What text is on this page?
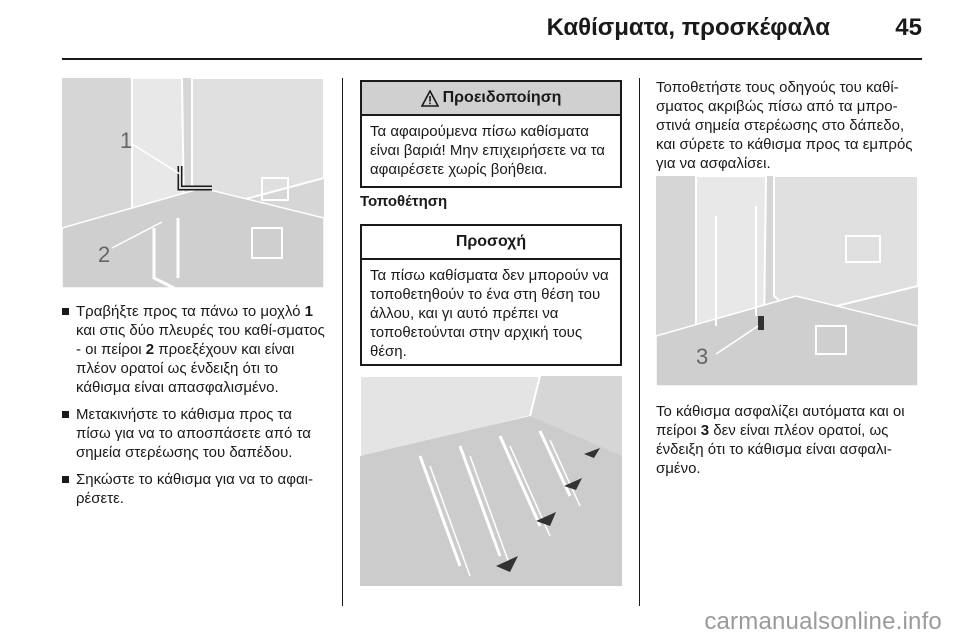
Καθίσματα, προσκέφαλα	45
1
2
Τραβήξτε προς τα πάνω το μοχλό 1 και στις δύο πλευρές του καθί-σματος - οι πείροι 2 προεξέχουν και είναι πλέον ορατοί ως ένδειξη ότι το κάθισμα είναι απασφαλισμένο.
Μετακινήστε το κάθισμα προς τα πίσω για να το αποσπάσετε από τα σημεία στερέωσης του δαπέδου.
Σηκώστε το κάθισμα για να το αφαι-ρέσετε.
Προειδοποίηση
Τα αφαιρούμενα πίσω καθίσματα είναι βαριά! Μην επιχειρήσετε να τα αφαιρέσετε χωρίς βοήθεια.
Τοποθέτηση
Προσοχή
Τα πίσω καθίσματα δεν μπορούν να τοποθετηθούν το ένα στη θέση του άλλου, και γι αυτό πρέπει να τοποθετούνται στην αρχική τους θέση.
Τοποθετήστε τους οδηγούς του καθί-σματος ακριβώς πίσω από τα μπρο-στινά σημεία στερέωσης στο δάπεδο, και σύρετε το κάθισμα προς τα εμπρός για να ασφαλίσει.
3
Το κάθισμα ασφαλίζει αυτόματα και οι πείροι 3 δεν είναι πλέον ορατοί, ως ένδειξη ότι το κάθισμα είναι ασφαλι-σμένο.
carmanualsonline.info
